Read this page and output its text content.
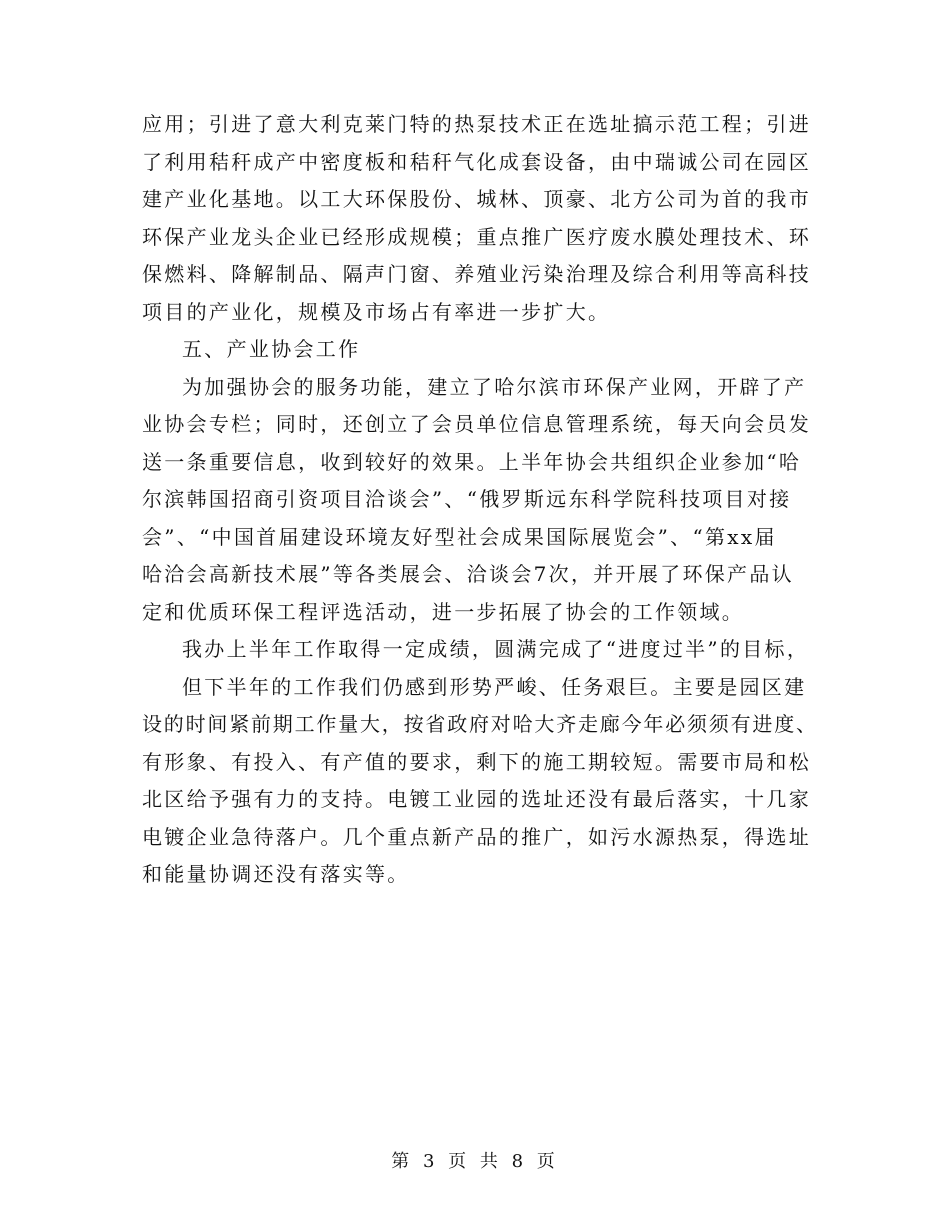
应用；引进了意大利克莱门特的热泵技术正在选址搞示范工程；引进
了利用秸秆成产中密度板和秸秆气化成套设备，由中瑞诚公司在园区
建产业化基地。以工大环保股份、城林、顶豪、北方公司为首的我市
环保产业龙头企业已经形成规模；重点推广医疗废水膜处理技术、环
保燃料、降解制品、隔声门窗、养殖业污染治理及综合利用等高科技
项目的产业化，规模及市场占有率进一步扩大。
五、产业协会工作
为加强协会的服务功能，建立了哈尔滨市环保产业网，开辟了产
业协会专栏；同时，还创立了会员单位信息管理系统，每天向会员发
送一条重要信息，收到较好的效果。上半年协会共组织企业参加“哈
尔滨韩国招商引资项目洽谈会”、“俄罗斯远东科学院科技项目对接
会”、“中国首届建设环境友好型社会成果国际展览会”、“第xx届
哈洽会高新技术展”等各类展会、洽谈会7次，并开展了环保产品认
定和优质环保工程评选活动，进一步拓展了协会的工作领域。
我办上半年工作取得一定成绩，圆满完成了“进度过半”的目标，
但下半年的工作我们仍感到形势严峻、任务艰巨。主要是园区建
设的时间紧前期工作量大，按省政府对哈大齐走廊今年必须须有进度、
有形象、有投入、有产值的要求，剩下的施工期较短。需要市局和松
北区给予强有力的支持。电镀工业园的选址还没有最后落实，十几家
电镀企业急待落户。几个重点新产品的推广，如污水源热泵，得选址
和能量协调还没有落实等。
第 3 页 共 8 页
